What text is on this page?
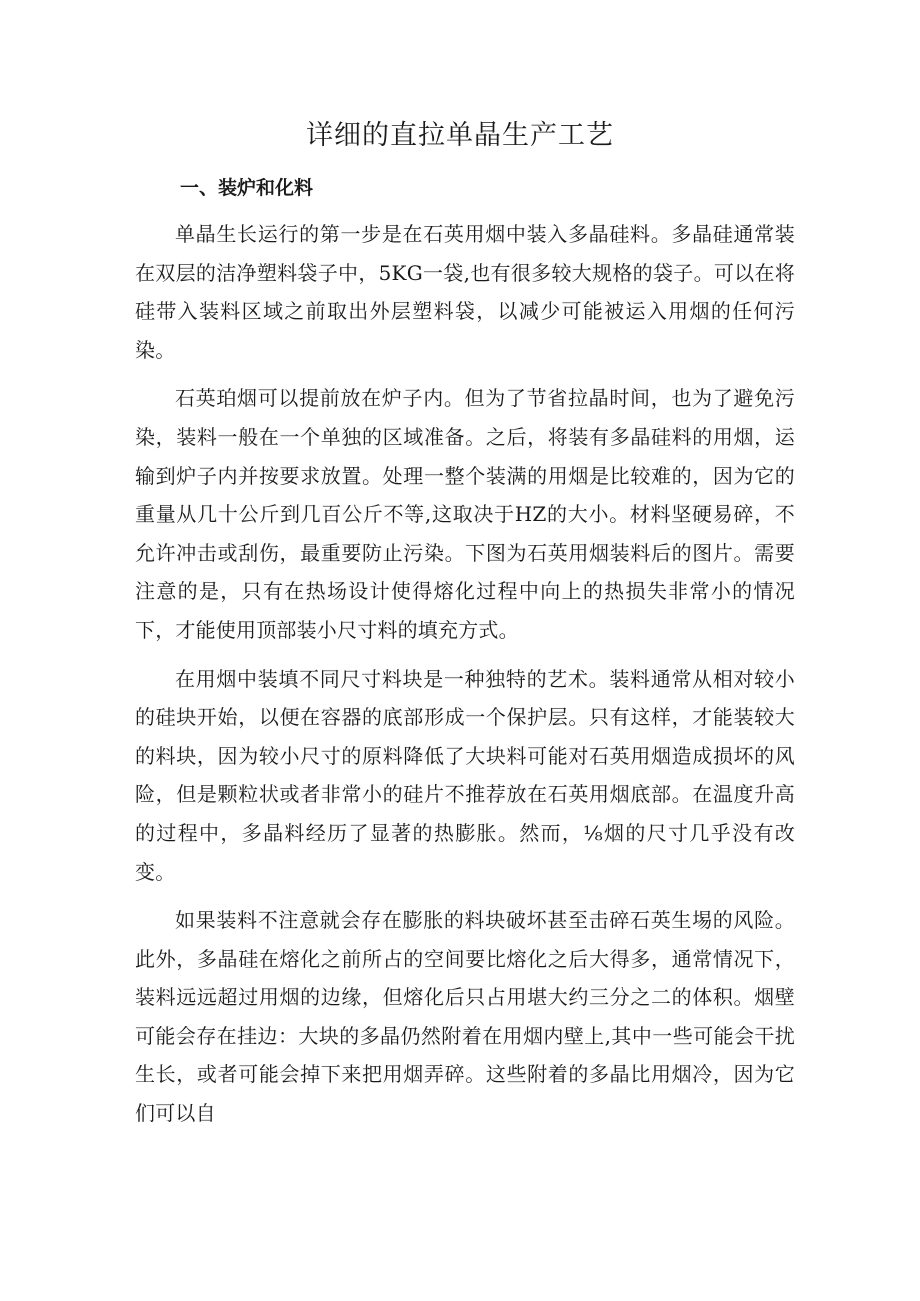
详细的直拉单晶生产工艺
一、装炉和化料

单晶生长运行的第一步是在石英用烟中装入多晶硅料。多晶硅通常装在双层的洁净塑料袋子中，5KG一袋,也有很多较大规格的袋子。可以在将硅带入装料区域之前取出外层塑料袋，以减少可能被运入用烟的任何污染。

石英珀烟可以提前放在炉子内。但为了节省拉晶时间，也为了避免污染，装料一般在一个单独的区域准备。之后，将装有多晶硅料的用烟，运输到炉子内并按要求放置。处理一整个装满的用烟是比较难的，因为它的重量从几十公斤到几百公斤不等,这取决于HZ的大小。材料坚硬易碎，不允许冲击或刮伤，最重要防止污染。下图为石英用烟装料后的图片。需要注意的是，只有在热场设计使得熔化过程中向上的热损失非常小的情况下，才能使用顶部装小尺寸料的填充方式。

在用烟中装填不同尺寸料块是一种独特的艺术。装料通常从相对较小的硅块开始，以便在容器的底部形成一个保护层。只有这样，才能装较大的料块，因为较小尺寸的原料降低了大块料可能对石英用烟造成损坏的风险，但是颗粒状或者非常小的硅片不推荐放在石英用烟底部。在温度升高的过程中，多晶料经历了显著的热膨胀。然而，⅛烟的尺寸几乎没有改变。

如果装料不注意就会存在膨胀的料块破坏甚至击碎石英生埸的风险。此外，多晶硅在熔化之前所占的空间要比熔化之后大得多，通常情况下，装料远远超过用烟的边缘，但熔化后只占用堪大约三分之二的体积。烟壁可能会存在挂边：大块的多晶仍然附着在用烟内壁上,其中一些可能会干扰生长，或者可能会掉下来把用烟弄碎。这些附着的多晶比用烟冷，因为它们可以自
